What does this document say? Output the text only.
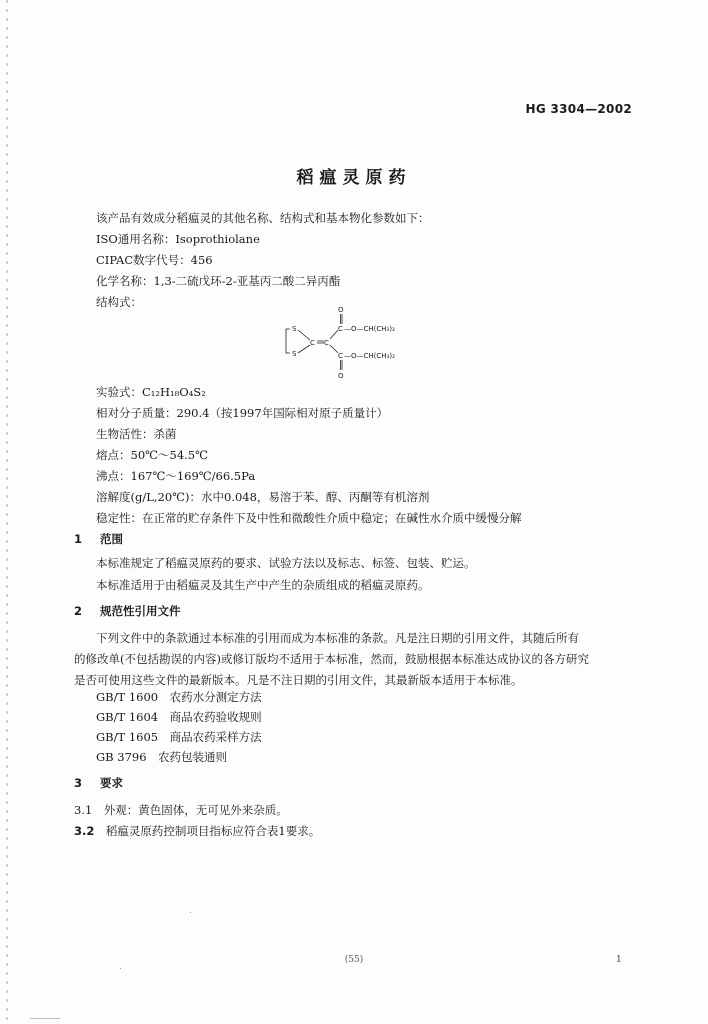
HG 3304—2002
稻瘟灵原药
该产品有效成分稻瘟灵的其他名称、结构式和基本物化参数如下：
ISO通用名称：Isoprothiolane
CIPAC数字代号：456
化学名称：1,3-二硫戊环-2-亚基丙二酸二异丙酯
结构式：
O
C —O—CH(CH₃)₂
S
S
C C
C —O—CH(CH₃)₂
O
实验式：C₁₂H₁₈O₄S₂
相对分子质量：290.4（按1997年国际相对原子质量计）
生物活性：杀菌
熔点：50℃～54.5℃
沸点：167℃～169℃/66.5Pa
溶解度(g/L,20℃)：水中0.048，易溶于苯、醇、丙酮等有机溶剂
稳定性：在正常的贮存条件下及中性和微酸性介质中稳定；在碱性水介质中缓慢分解
1 范围
本标准规定了稻瘟灵原药的要求、试验方法以及标志、标签、包装、贮运。
本标准适用于由稻瘟灵及其生产中产生的杂质组成的稻瘟灵原药。
2 规范性引用文件
下列文件中的条款通过本标准的引用而成为本标准的条款。凡是注日期的引用文件，其随后所有
的修改单(不包括勘误的内容)或修订版均不适用于本标准，然而，鼓励根据本标准达成协议的各方研究
是否可使用这些文件的最新版本。凡是不注日期的引用文件，其最新版本适用于本标准。
GB/T 1600　农药水分测定方法
GB/T 1604　商品农药验收规则
GB/T 1605　商品农药采样方法
GB 3796　农药包装通则
3 要求
3.1　外观：黄色固体，无可见外来杂质。
3.2　 稻瘟灵原药控制项目指标应符合表1要求。
(55)	1
